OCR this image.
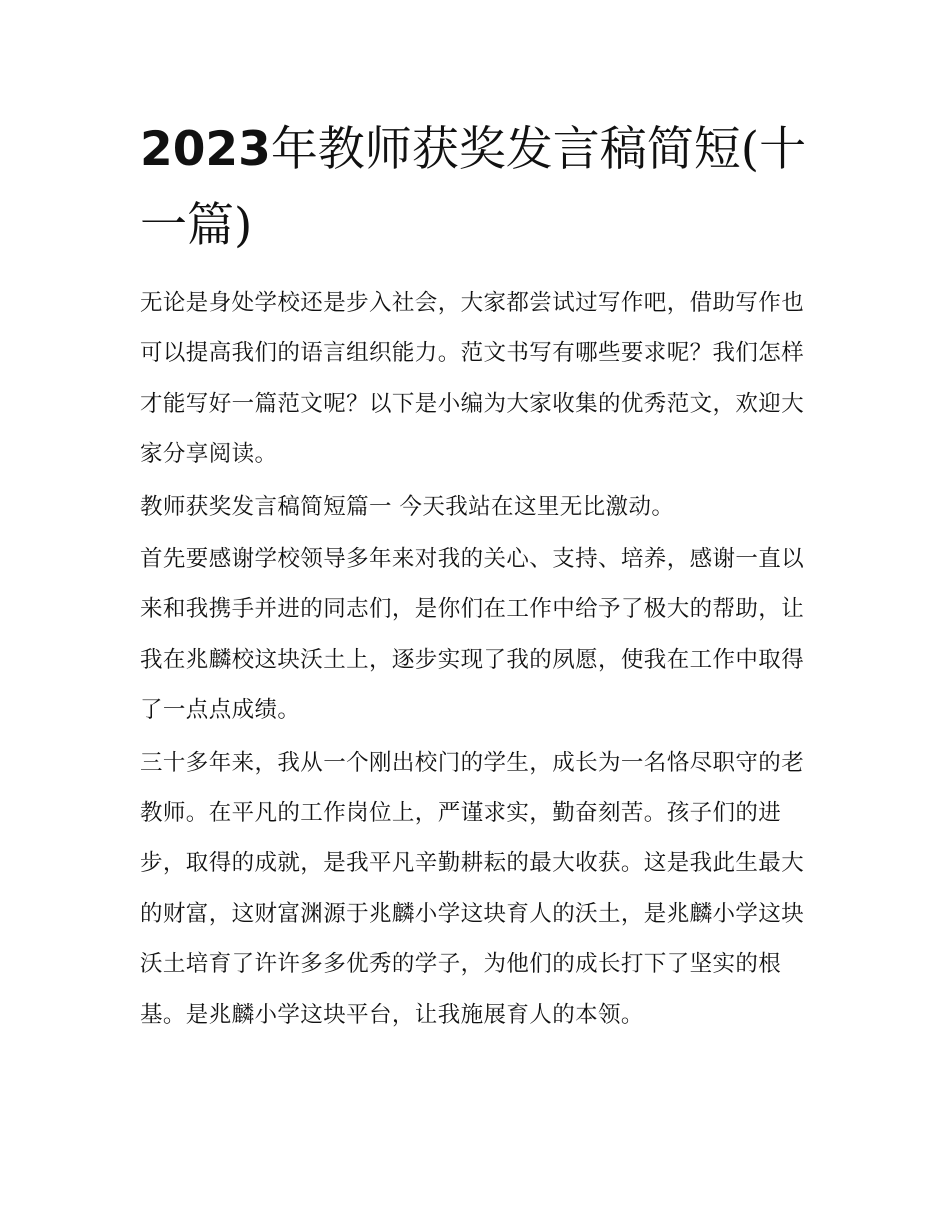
2023年教师获奖发言稿简短(十一篇)

无论是身处学校还是步入社会，大家都尝试过写作吧，借助写作也可以提高我们的语言组织能力。范文书写有哪些要求呢？我们怎样才能写好一篇范文呢？以下是小编为大家收集的优秀范文，欢迎大家分享阅读。

教师获奖发言稿简短篇一 今天我站在这里无比激动。

首先要感谢学校领导多年来对我的关心、支持、培养，感谢一直以来和我携手并进的同志们，是你们在工作中给予了极大的帮助，让我在兆麟校这块沃土上，逐步实现了我的夙愿，使我在工作中取得了一点点成绩。

三十多年来，我从一个刚出校门的学生，成长为一名恪尽职守的老教师。在平凡的工作岗位上，严谨求实，勤奋刻苦。孩子们的进步，取得的成就，是我平凡辛勤耕耘的最大收获。这是我此生最大的财富，这财富渊源于兆麟小学这块育人的沃土，是兆麟小学这块沃土培育了许许多多优秀的学子，为他们的成长打下了坚实的根基。是兆麟小学这块平台，让我施展育人的本领。
